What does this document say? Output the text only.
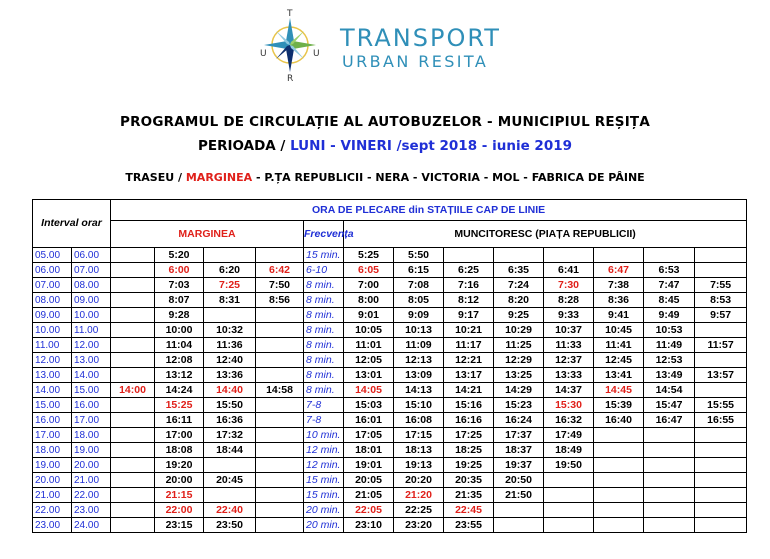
T
U	U
R
TRANSPORT
URBAN RESITA
PROGRAMUL DE CIRCULAȚIE AL AUTOBUZELOR - MUNICIPIUL REȘIȚA
PERIOADA / LUNI - VINERI /sept 2018 - iunie 2019
TRASEU / MARGINEA - P.ȚA REPUBLICII - NERA - VICTORIA - MOL - FABRICA DE PÂINE
Interval orar		ORA DE PLECARE din STAȚIILE CAP DE LINIE												
		MARGINEA				Frecvența	MUNCITORESC (PIAȚA REPUBLICII)							
05.00	06.00		5:20			15 min.	5:25	5:50						
06.00	07.00		6:00	6:20	6:42	6-10	6:05	6:15	6:25	6:35	6:41	6:47	6:53	
07.00	08.00		7:03	7:25	7:50	8 min.	7:00	7:08	7:16	7:24	7:30	7:38	7:47	7:55
08.00	09.00		8:07	8:31	8:56	8 min.	8:00	8:05	8:12	8:20	8:28	8:36	8:45	8:53
09.00	10.00		9:28			8 min.	9:01	9:09	9:17	9:25	9:33	9:41	9:49	9:57
10.00	11.00		10:00	10:32		8 min.	10:05	10:13	10:21	10:29	10:37	10:45	10:53	
11.00	12.00		11:04	11:36		8 min.	11:01	11:09	11:17	11:25	11:33	11:41	11:49	11:57
12.00	13.00		12:08	12:40		8 min.	12:05	12:13	12:21	12:29	12:37	12:45	12:53	
13.00	14.00		13:12	13:36		8 min.	13:01	13:09	13:17	13:25	13:33	13:41	13:49	13:57
14.00	15.00	14:00	14:24	14:40	14:58	8 min.	14:05	14:13	14:21	14:29	14:37	14:45	14:54	
15.00	16.00		15:25	15:50		7-8	15:03	15:10	15:16	15:23	15:30	15:39	15:47	15:55
16.00	17.00		16:11	16:36		7-8	16:01	16:08	16:16	16:24	16:32	16:40	16:47	16:55
17.00	18.00		17:00	17:32		10 min.	17:05	17:15	17:25	17:37	17:49			
18.00	19.00		18:08	18:44		12 min.	18:01	18:13	18:25	18:37	18:49			
19.00	20.00		19:20			12 min.	19:01	19:13	19:25	19:37	19:50			
20.00	21.00		20:00	20:45		15 min.	20:05	20:20	20:35	20:50				
21.00	22.00		21:15			15 min.	21:05	21:20	21:35	21:50				
22.00	23.00		22:00	22:40		20 min.	22:05	22:25	22:45					
23.00	24.00		23:15	23:50		20 min.	23:10	23:20	23:55					
